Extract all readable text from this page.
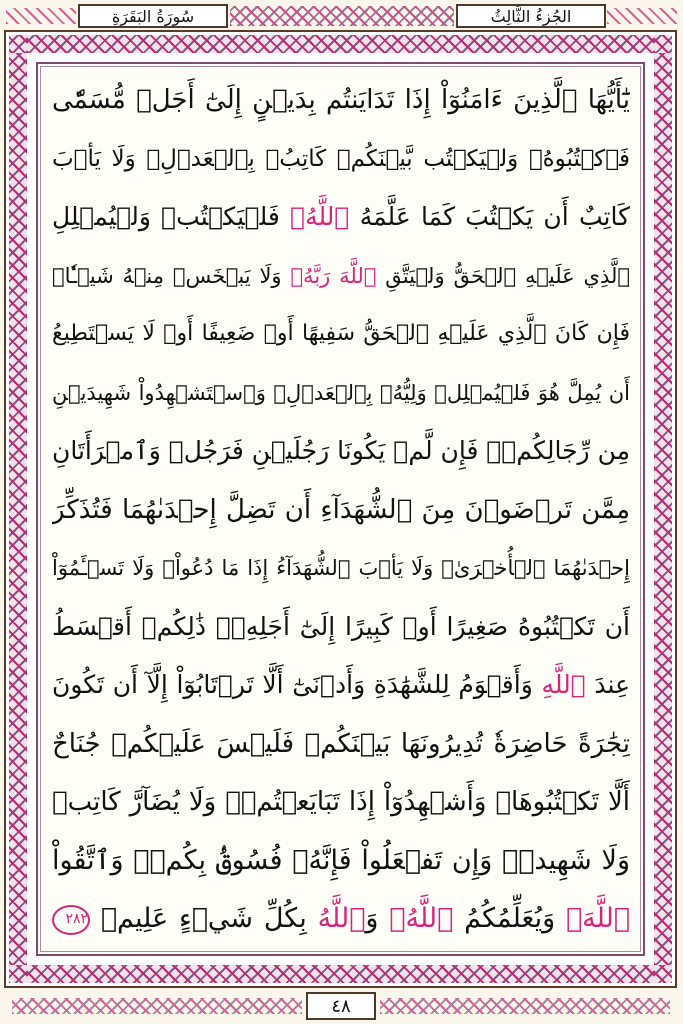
سُورَةُ البَقَرَةِ	الجُزءُ الثَّالِثُ
يَٰٓأَيُّهَا ٱلَّذِينَ ءَامَنُوٓاْ إِذَا تَدَايَنتُم بِدَيۡنٍ إِلَىٰٓ أَجَلٖ مُّسَمّٗى
فَٱكۡتُبُوهُۚ وَلۡيَكۡتُب بَّيۡنَكُمۡ كَاتِبُۢ بِٱلۡعَدۡلِۚ وَلَا يَأۡبَ
كَاتِبٌ أَن يَكۡتُبَ كَمَا عَلَّمَهُ ٱللَّهُۚ فَلۡيَكۡتُبۡ وَلۡيُمۡلِلِ
ٱلَّذِي عَلَيۡهِ ٱلۡحَقُّ وَلۡيَتَّقِ ٱللَّهَ رَبَّهُۥ وَلَا يَبۡخَسۡ مِنۡهُ شَيۡـٔٗاۚ
فَإِن كَانَ ٱلَّذِي عَلَيۡهِ ٱلۡحَقُّ سَفِيهًا أَوۡ ضَعِيفًا أَوۡ لَا يَسۡتَطِيعُ
أَن يُمِلَّ هُوَ فَلۡيُمۡلِلۡ وَلِيُّهُۥ بِٱلۡعَدۡلِۚ وَٱسۡتَشۡهِدُواْ شَهِيدَيۡنِ
مِن رِّجَالِكُمۡۖ فَإِن لَّمۡ يَكُونَا رَجُلَيۡنِ فَرَجُلٞ وَٱمۡرَأَتَانِ
مِمَّن تَرۡضَوۡنَ مِنَ ٱلشُّهَدَآءِ أَن تَضِلَّ إِحۡدَىٰهُمَا فَتُذَكِّرَ
إِحۡدَىٰهُمَا ٱلۡأُخۡرَىٰۚ وَلَا يَأۡبَ ٱلشُّهَدَآءُ إِذَا مَا دُعُواْۚ وَلَا تَسۡـَٔمُوٓاْ
أَن تَكۡتُبُوهُ صَغِيرًا أَوۡ كَبِيرًا إِلَىٰٓ أَجَلِهِۦۚ ذَٰلِكُمۡ أَقۡسَطُ
عِندَ ٱللَّهِ وَأَقۡوَمُ لِلشَّهَٰدَةِ وَأَدۡنَىٰٓ أَلَّا تَرۡتَابُوٓاْ إِلَّآ أَن تَكُونَ
تِجَٰرَةً حَاضِرَةٗ تُدِيرُونَهَا بَيۡنَكُمۡ فَلَيۡسَ عَلَيۡكُمۡ جُنَاحٌ
أَلَّا تَكۡتُبُوهَاۗ وَأَشۡهِدُوٓاْ إِذَا تَبَايَعۡتُمۡۚ وَلَا يُضَآرَّ كَاتِبٞ
وَلَا شَهِيدٞۚ وَإِن تَفۡعَلُواْ فَإِنَّهُۥ فُسُوقُۢ بِكُمۡۗ وَٱتَّقُواْ
ٱللَّهَۖ وَيُعَلِّمُكُمُ ٱللَّهُۗ وَٱللَّهُ بِكُلِّ شَيۡءٍ عَلِيمٞ ٢٨٢
٤٨
